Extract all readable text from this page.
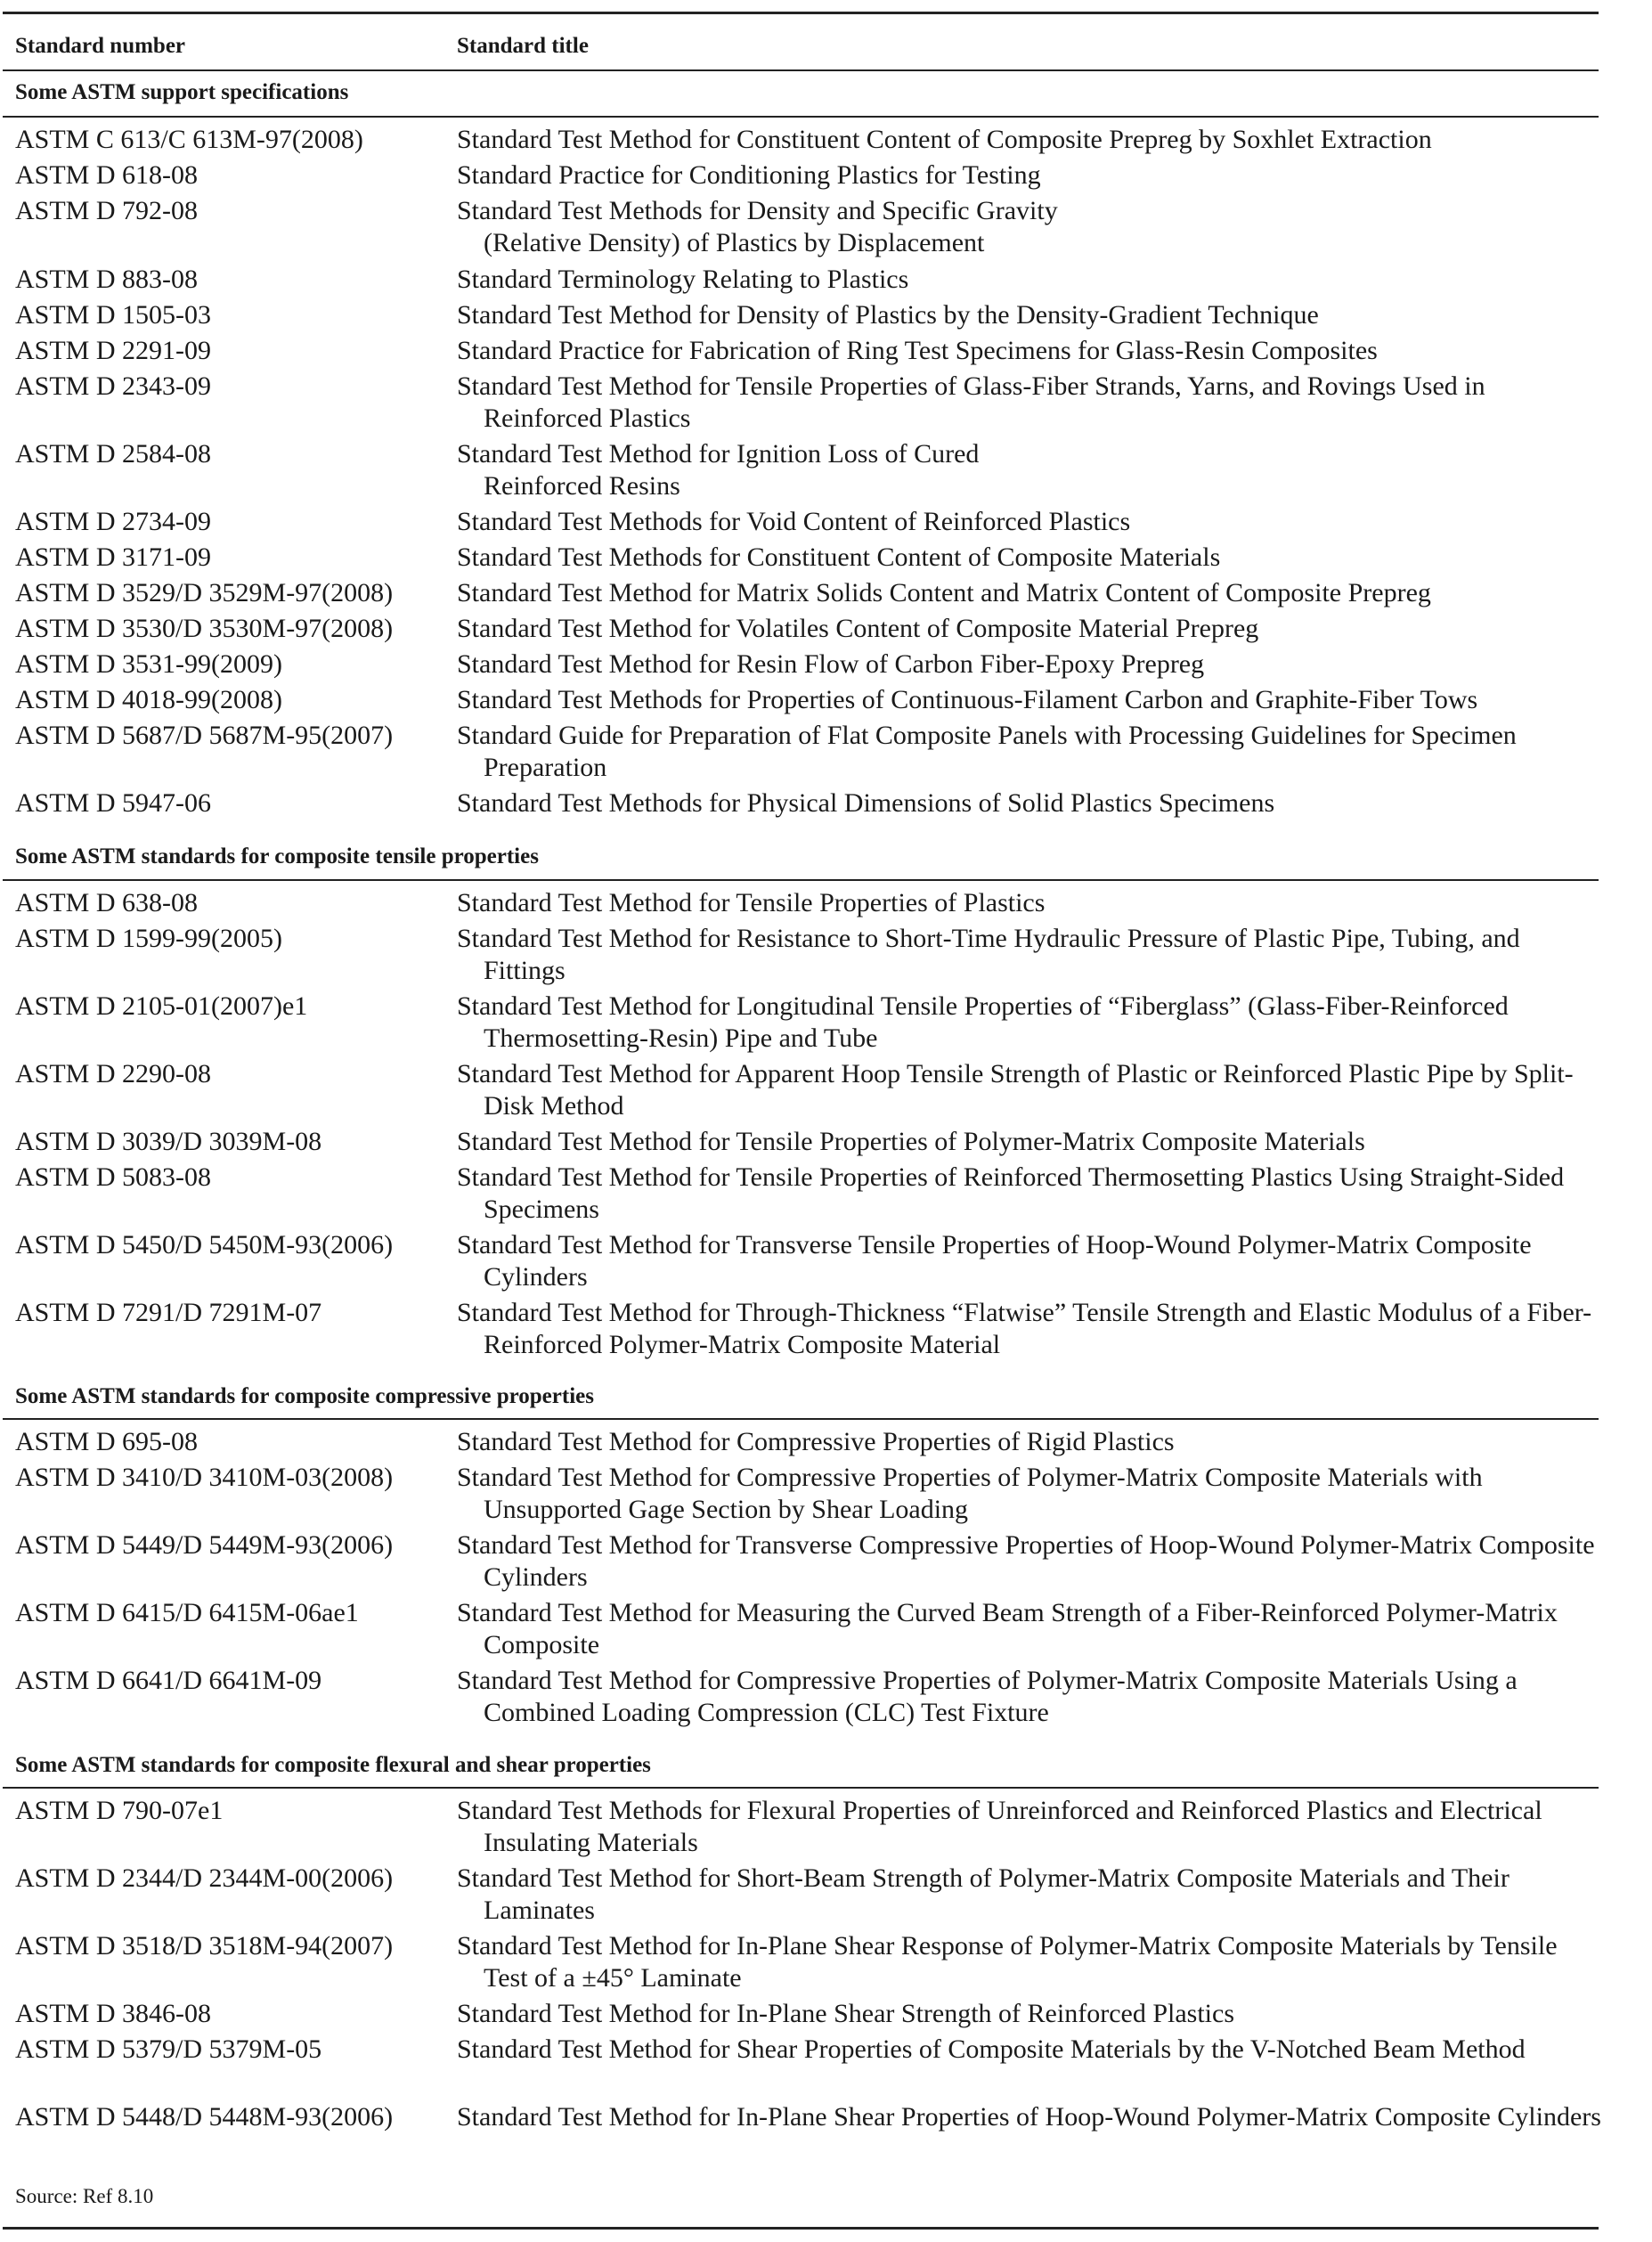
Standard number	Standard title
Some ASTM support specifications
ASTM C 613/C 613M-97(2008)	Standard Test Method for Constituent Content of Composite Prepreg by Soxhlet Extraction
ASTM D 618-08	Standard Practice for Conditioning Plastics for Testing
ASTM D 792-08	Standard Test Methods for Density and Specific Gravity (Relative Density) of Plastics by Displacement
ASTM D 883-08	Standard Terminology Relating to Plastics
ASTM D 1505-03	Standard Test Method for Density of Plastics by the Density-Gradient Technique
ASTM D 2291-09	Standard Practice for Fabrication of Ring Test Specimens for Glass-Resin Composites
ASTM D 2343-09	Standard Test Method for Tensile Properties of Glass-Fiber Strands, Yarns, and Rovings Used in Reinforced Plastics
ASTM D 2584-08	Standard Test Method for Ignition Loss of Cured Reinforced Resins
ASTM D 2734-09	Standard Test Methods for Void Content of Reinforced Plastics
ASTM D 3171-09	Standard Test Methods for Constituent Content of Composite Materials
ASTM D 3529/D 3529M-97(2008) Standard Test Method for Matrix Solids Content and Matrix Content of Composite Prepreg
ASTM D 3530/D 3530M-97(2008) Standard Test Method for Volatiles Content of Composite Material Prepreg
ASTM D 3531-99(2009)	Standard Test Method for Resin Flow of Carbon Fiber-Epoxy Prepreg
ASTM D 4018-99(2008)	Standard Test Methods for Properties of Continuous-Filament Carbon and Graphite-Fiber Tows
ASTM D 5687/D 5687M-95(2007) Standard Guide for Preparation of Flat Composite Panels with Processing Guidelines for Specimen Preparation
ASTM D 5947-06	Standard Test Methods for Physical Dimensions of Solid Plastics Specimens
Some ASTM standards for composite tensile properties
ASTM D 638-08	Standard Test Method for Tensile Properties of Plastics
ASTM D 1599-99(2005)	Standard Test Method for Resistance to Short-Time Hydraulic Pressure of Plastic Pipe, Tubing, and Fittings
ASTM D 2105-01(2007)e1	Standard Test Method for Longitudinal Tensile Properties of “Fiberglass” (Glass-Fiber-Reinforced Thermosetting-Resin) Pipe and Tube
ASTM D 2290-08	Standard Test Method for Apparent Hoop Tensile Strength of Plastic or Reinforced Plastic Pipe by Split-Disk Method
ASTM D 3039/D 3039M-08	Standard Test Method for Tensile Properties of Polymer-Matrix Composite Materials
ASTM D 5083-08	Standard Test Method for Tensile Properties of Reinforced Thermosetting Plastics Using Straight-Sided Specimens
ASTM D 5450/D 5450M-93(2006) Standard Test Method for Transverse Tensile Properties of Hoop-Wound Polymer-Matrix Composite Cylinders
ASTM D 7291/D 7291M-07	Standard Test Method for Through-Thickness “Flatwise” Tensile Strength and Elastic Modulus of a Fiber-Reinforced Polymer-Matrix Composite Material
Some ASTM standards for composite compressive properties
ASTM D 695-08	Standard Test Method for Compressive Properties of Rigid Plastics
ASTM D 3410/D 3410M-03(2008) Standard Test Method for Compressive Properties of Polymer-Matrix Composite Materials with Unsupported Gage Section by Shear Loading
ASTM D 5449/D 5449M-93(2006) Standard Test Method for Transverse Compressive Properties of Hoop-Wound Polymer-Matrix Composite Cylinders
ASTM D 6415/D 6415M-06ae1	Standard Test Method for Measuring the Curved Beam Strength of a Fiber-Reinforced Polymer-Matrix Composite
ASTM D 6641/D 6641M-09	Standard Test Method for Compressive Properties of Polymer-Matrix Composite Materials Using a Combined Loading Compression (CLC) Test Fixture
Some ASTM standards for composite flexural and shear properties
ASTM D 790-07e1	Standard Test Methods for Flexural Properties of Unreinforced and Reinforced Plastics and Electrical Insulating Materials
ASTM D 2344/D 2344M-00(2006) Standard Test Method for Short-Beam Strength of Polymer-Matrix Composite Materials and Their Laminates
ASTM D 3518/D 3518M-94(2007) Standard Test Method for In-Plane Shear Response of Polymer-Matrix Composite Materials by Tensile Test of a ±45° Laminate
ASTM D 3846-08	Standard Test Method for In-Plane Shear Strength of Reinforced Plastics
ASTM D 5379/D 5379M-05	Standard Test Method for Shear Properties of Composite Materials by the V-Notched Beam Method
ASTM D 5448/D 5448M-93(2006) Standard Test Method for In-Plane Shear Properties of Hoop-Wound Polymer-Matrix Composite Cylinders
Source: Ref 8.10
